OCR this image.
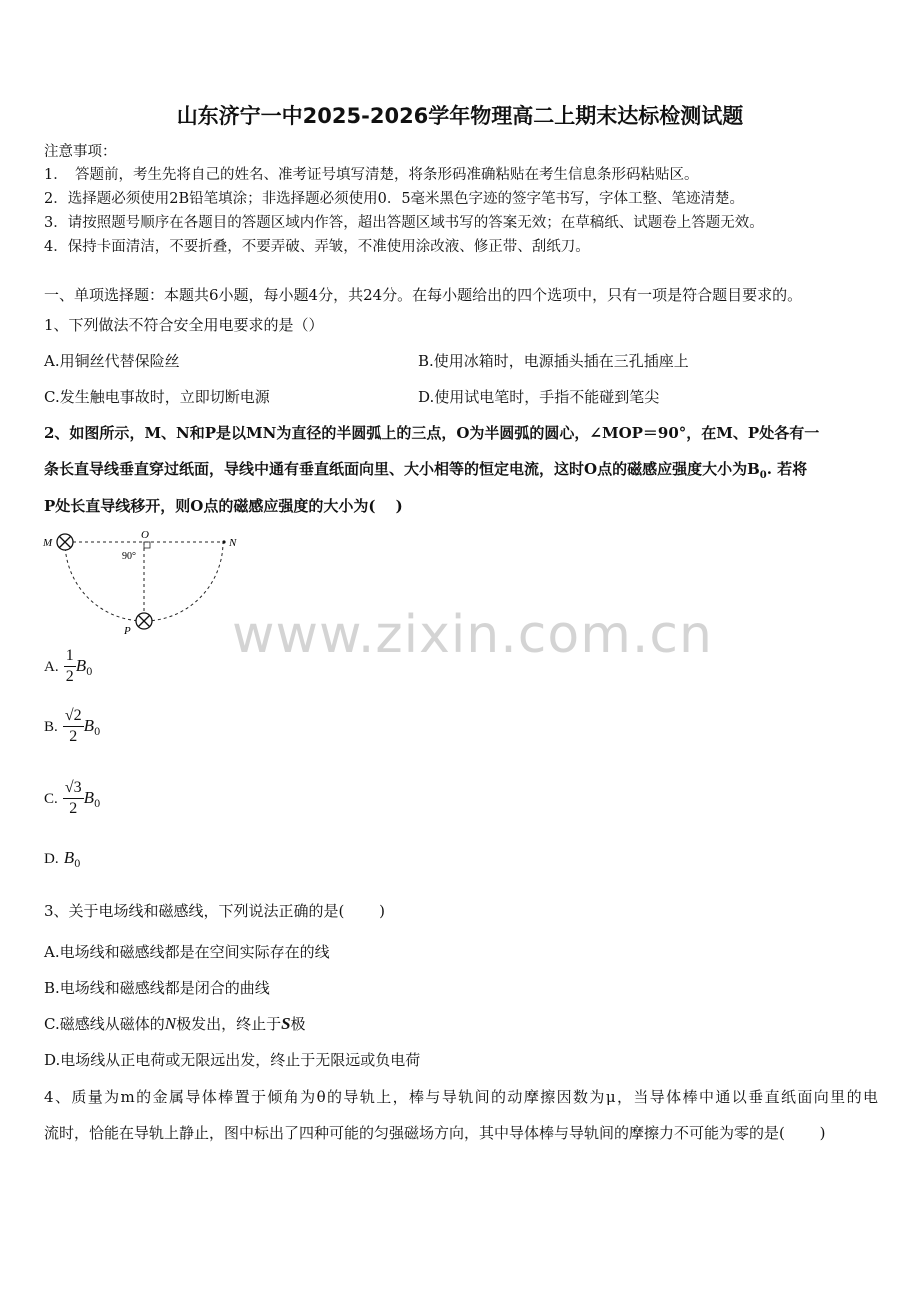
山东济宁一中2025-2026学年物理高二上期末达标检测试题
注意事项：
1．　答题前，考生先将自己的姓名、准考证号填写清楚，将条形码准确粘贴在考生信息条形码粘贴区。
2．选择题必须使用2B铅笔填涂；非选择题必须使用0．5毫米黑色字迹的签字笔书写，字体工整、笔迹清楚。
3．请按照题号顺序在各题目的答题区域内作答，超出答题区域书写的答案无效；在草稿纸、试题卷上答题无效。
4．保持卡面清洁，不要折叠，不要弄破、弄皱，不准使用涂改液、修正带、刮纸刀。
一、单项选择题：本题共6小题，每小题4分，共24分。在每小题给出的四个选项中，只有一项是符合题目要求的。
1、下列做法不符合安全用电要求的是（）
A.用铜丝代替保险丝	B.使用冰箱时，电源插头插在三孔插座上
C.发生触电事故时，立即切断电源	D.使用试电笔时，手指不能碰到笔尖
2、如图所示，M、N和P是以MN为直径的半圆弧上的三点，O为半圆弧的圆心，∠MOP＝90°，在M、P处各有一
条长直导线垂直穿过纸面，导线中通有垂直纸面向里、大小相等的恒定电流，这时O点的磁感应强度大小为$B_0$. 若将
P处长直导线移开，则O点的磁感应强度的大小为(　 )
M
O
N
P
90°
A. $\frac{1}{2} B_0$
B. $\frac{√2}{2} B_0$
C. $\frac{√3}{2} B_0$
D. $B_0$
3、关于电场线和磁感线，下列说法正确的是(　　 )
A.电场线和磁感线都是在空间实际存在的线
B.电场线和磁感线都是闭合的曲线
C.磁感线从磁体的N极发出，终止于S极
D.电场线从正电荷或无限远出发，终止于无限远或负电荷
4、质量为m的金属导体棒置于倾角为θ的导轨上，棒与导轨间的动摩擦因数为μ，当导体棒中通以垂直纸面向里的电
流时，恰能在导轨上静止，图中标出了四种可能的匀强磁场方向，其中导体棒与导轨间的摩擦力不可能为零的是(　　 )
www.zixin.com.cn
